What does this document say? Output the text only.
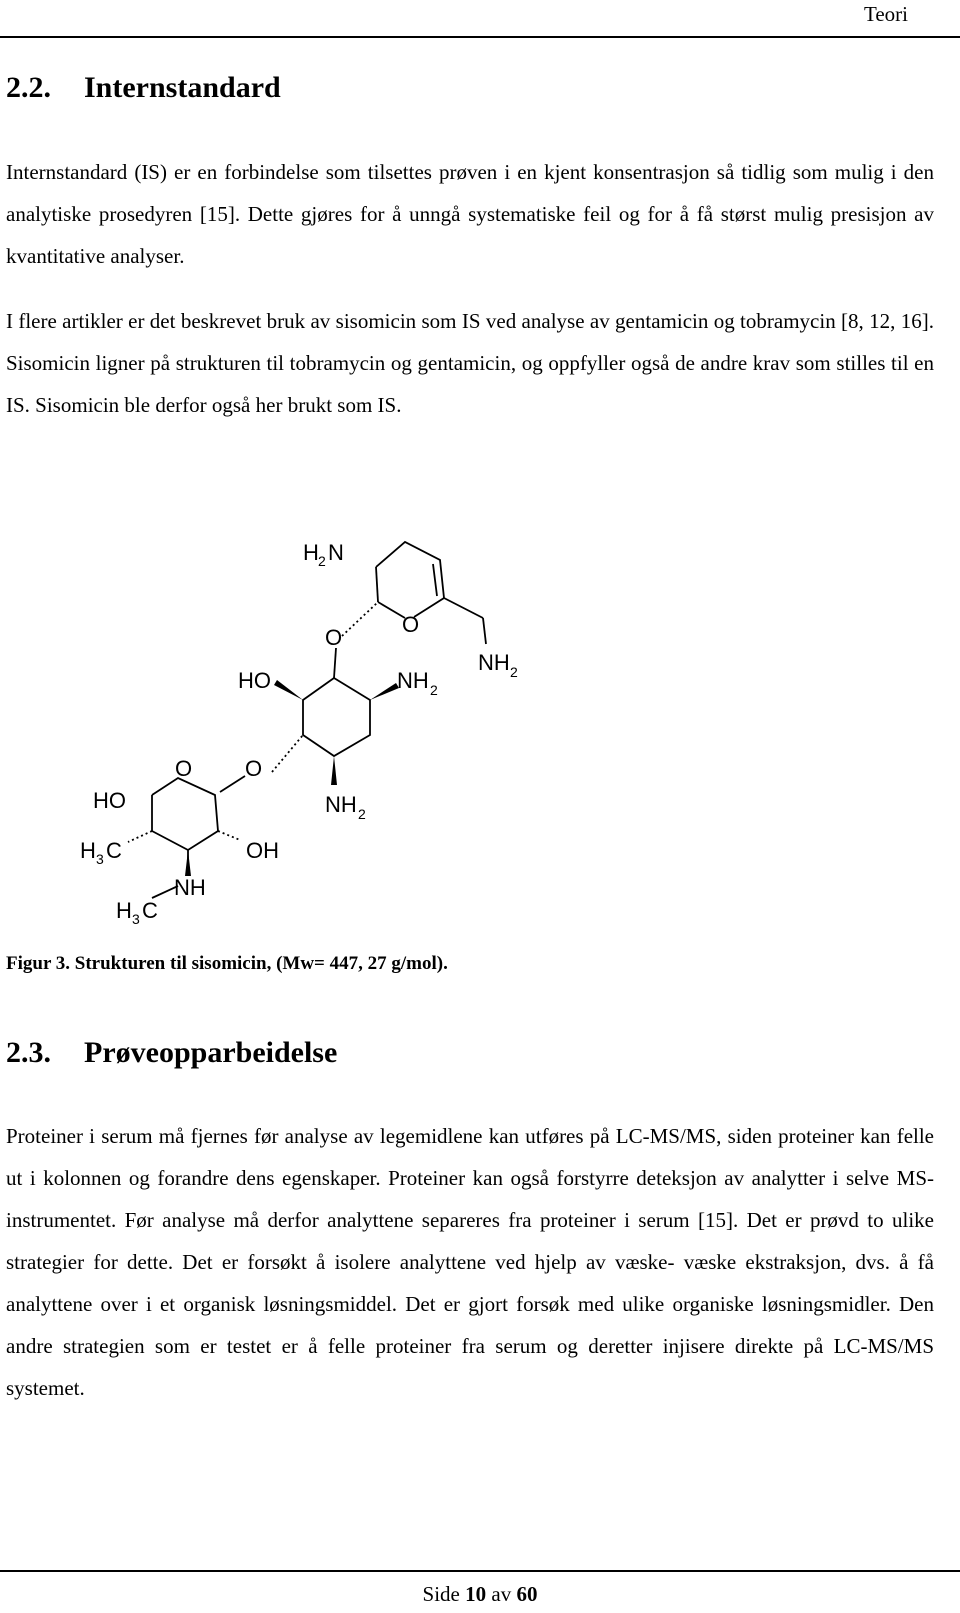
Teori
2.2. Internstandard

Internstandard (IS) er en forbindelse som tilsettes prøven i en kjent konsentrasjon så tidlig som mulig i den analytiske prosedyren [15]. Dette gjøres for å unngå systematiske feil og for å få størst mulig presisjon av kvantitative analyser.

I flere artikler er det beskrevet bruk av sisomicin som IS ved analyse av gentamicin og tobramycin [8, 12, 16]. Sisomicin ligner på strukturen til tobramycin og gentamicin, og oppfyller også de andre krav som stilles til en IS. Sisomicin ble derfor også her brukt som IS.

H 2 N
O
O
NH 2
HO	NH 2
O O
HO	NH 2
H 3 C	OH
NH
H 3 C
Figur 3. Strukturen til sisomicin, (Mw= 447, 27 g/mol).
2.3. Prøveopparbeidelse

Proteiner i serum må fjernes før analyse av legemidlene kan utføres på LC-MS/MS, siden proteiner kan felle ut i kolonnen og forandre dens egenskaper. Proteiner kan også forstyrre deteksjon av analytter i selve MS- instrumentet. Før analyse må derfor analyttene separeres fra proteiner i serum [15]. Det er prøvd to ulike strategier for dette. Det er forsøkt å isolere analyttene ved hjelp av væske- væske ekstraksjon, dvs. å få analyttene over i et organisk løsningsmiddel. Det er gjort forsøk med ulike organiske løsningsmidler. Den andre strategien som er testet er å felle proteiner fra serum og deretter injisere direkte på LC-MS/MS systemet.

Side 10 av 60
